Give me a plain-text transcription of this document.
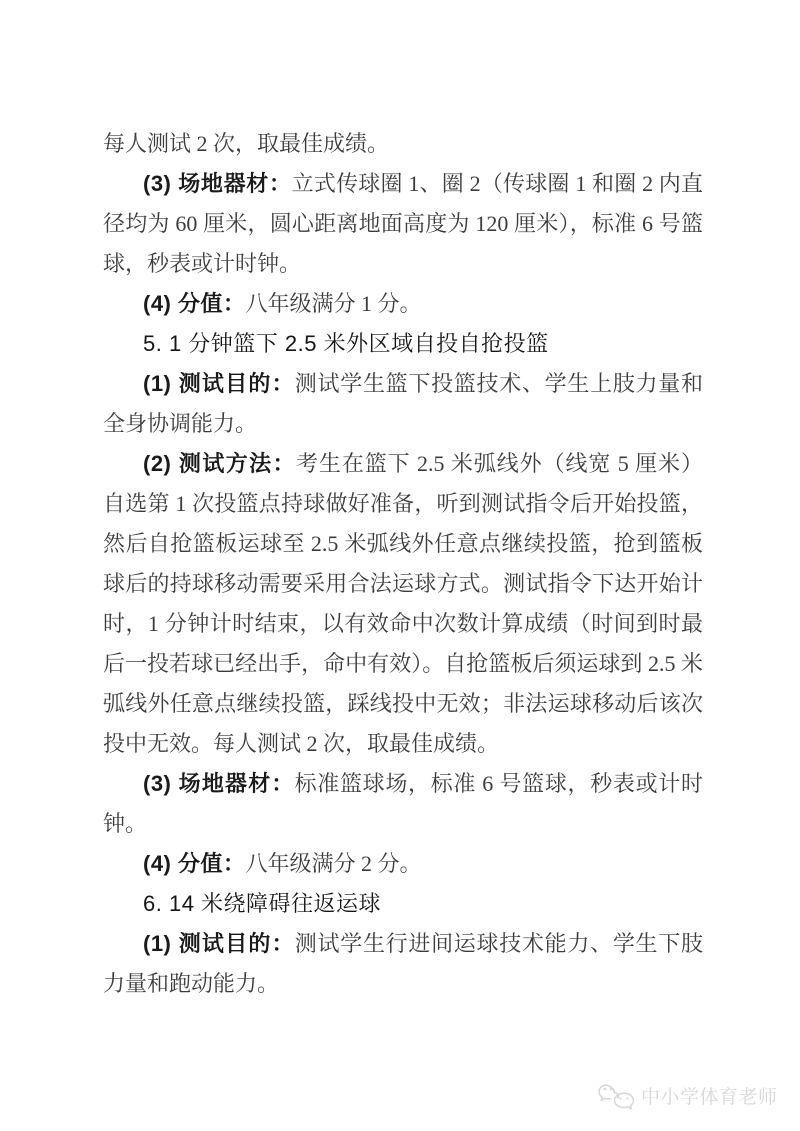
每人测试 2 次，取最佳成绩。

(3) 场地器材：立式传球圈 1、圈 2（传球圈 1 和圈 2 内直径均为 60 厘米，圆心距离地面高度为 120 厘米），标准 6 号篮球，秒表或计时钟。

(4) 分值：八年级满分 1 分。

5. 1 分钟篮下 2.5 米外区域自投自抢投篮

(1) 测试目的：测试学生篮下投篮技术、学生上肢力量和全身协调能力。

(2) 测试方法：考生在篮下 2.5 米弧线外（线宽 5 厘米）自选第 1 次投篮点持球做好准备，听到测试指令后开始投篮，然后自抢篮板运球至 2.5 米弧线外任意点继续投篮，抢到篮板球后的持球移动需要采用合法运球方式。测试指令下达开始计时，1 分钟计时结束，以有效命中次数计算成绩（时间到时最后一投若球已经出手，命中有效）。自抢篮板后须运球到 2.5 米弧线外任意点继续投篮，踩线投中无效；非法运球移动后该次投中无效。每人测试 2 次，取最佳成绩。

(3) 场地器材：标准篮球场，标准 6 号篮球，秒表或计时钟。

(4) 分值：八年级满分 2 分。

6. 14 米绕障碍往返运球

(1) 测试目的：测试学生行进间运球技术能力、学生下肢力量和跑动能力。

中小学体育老师
